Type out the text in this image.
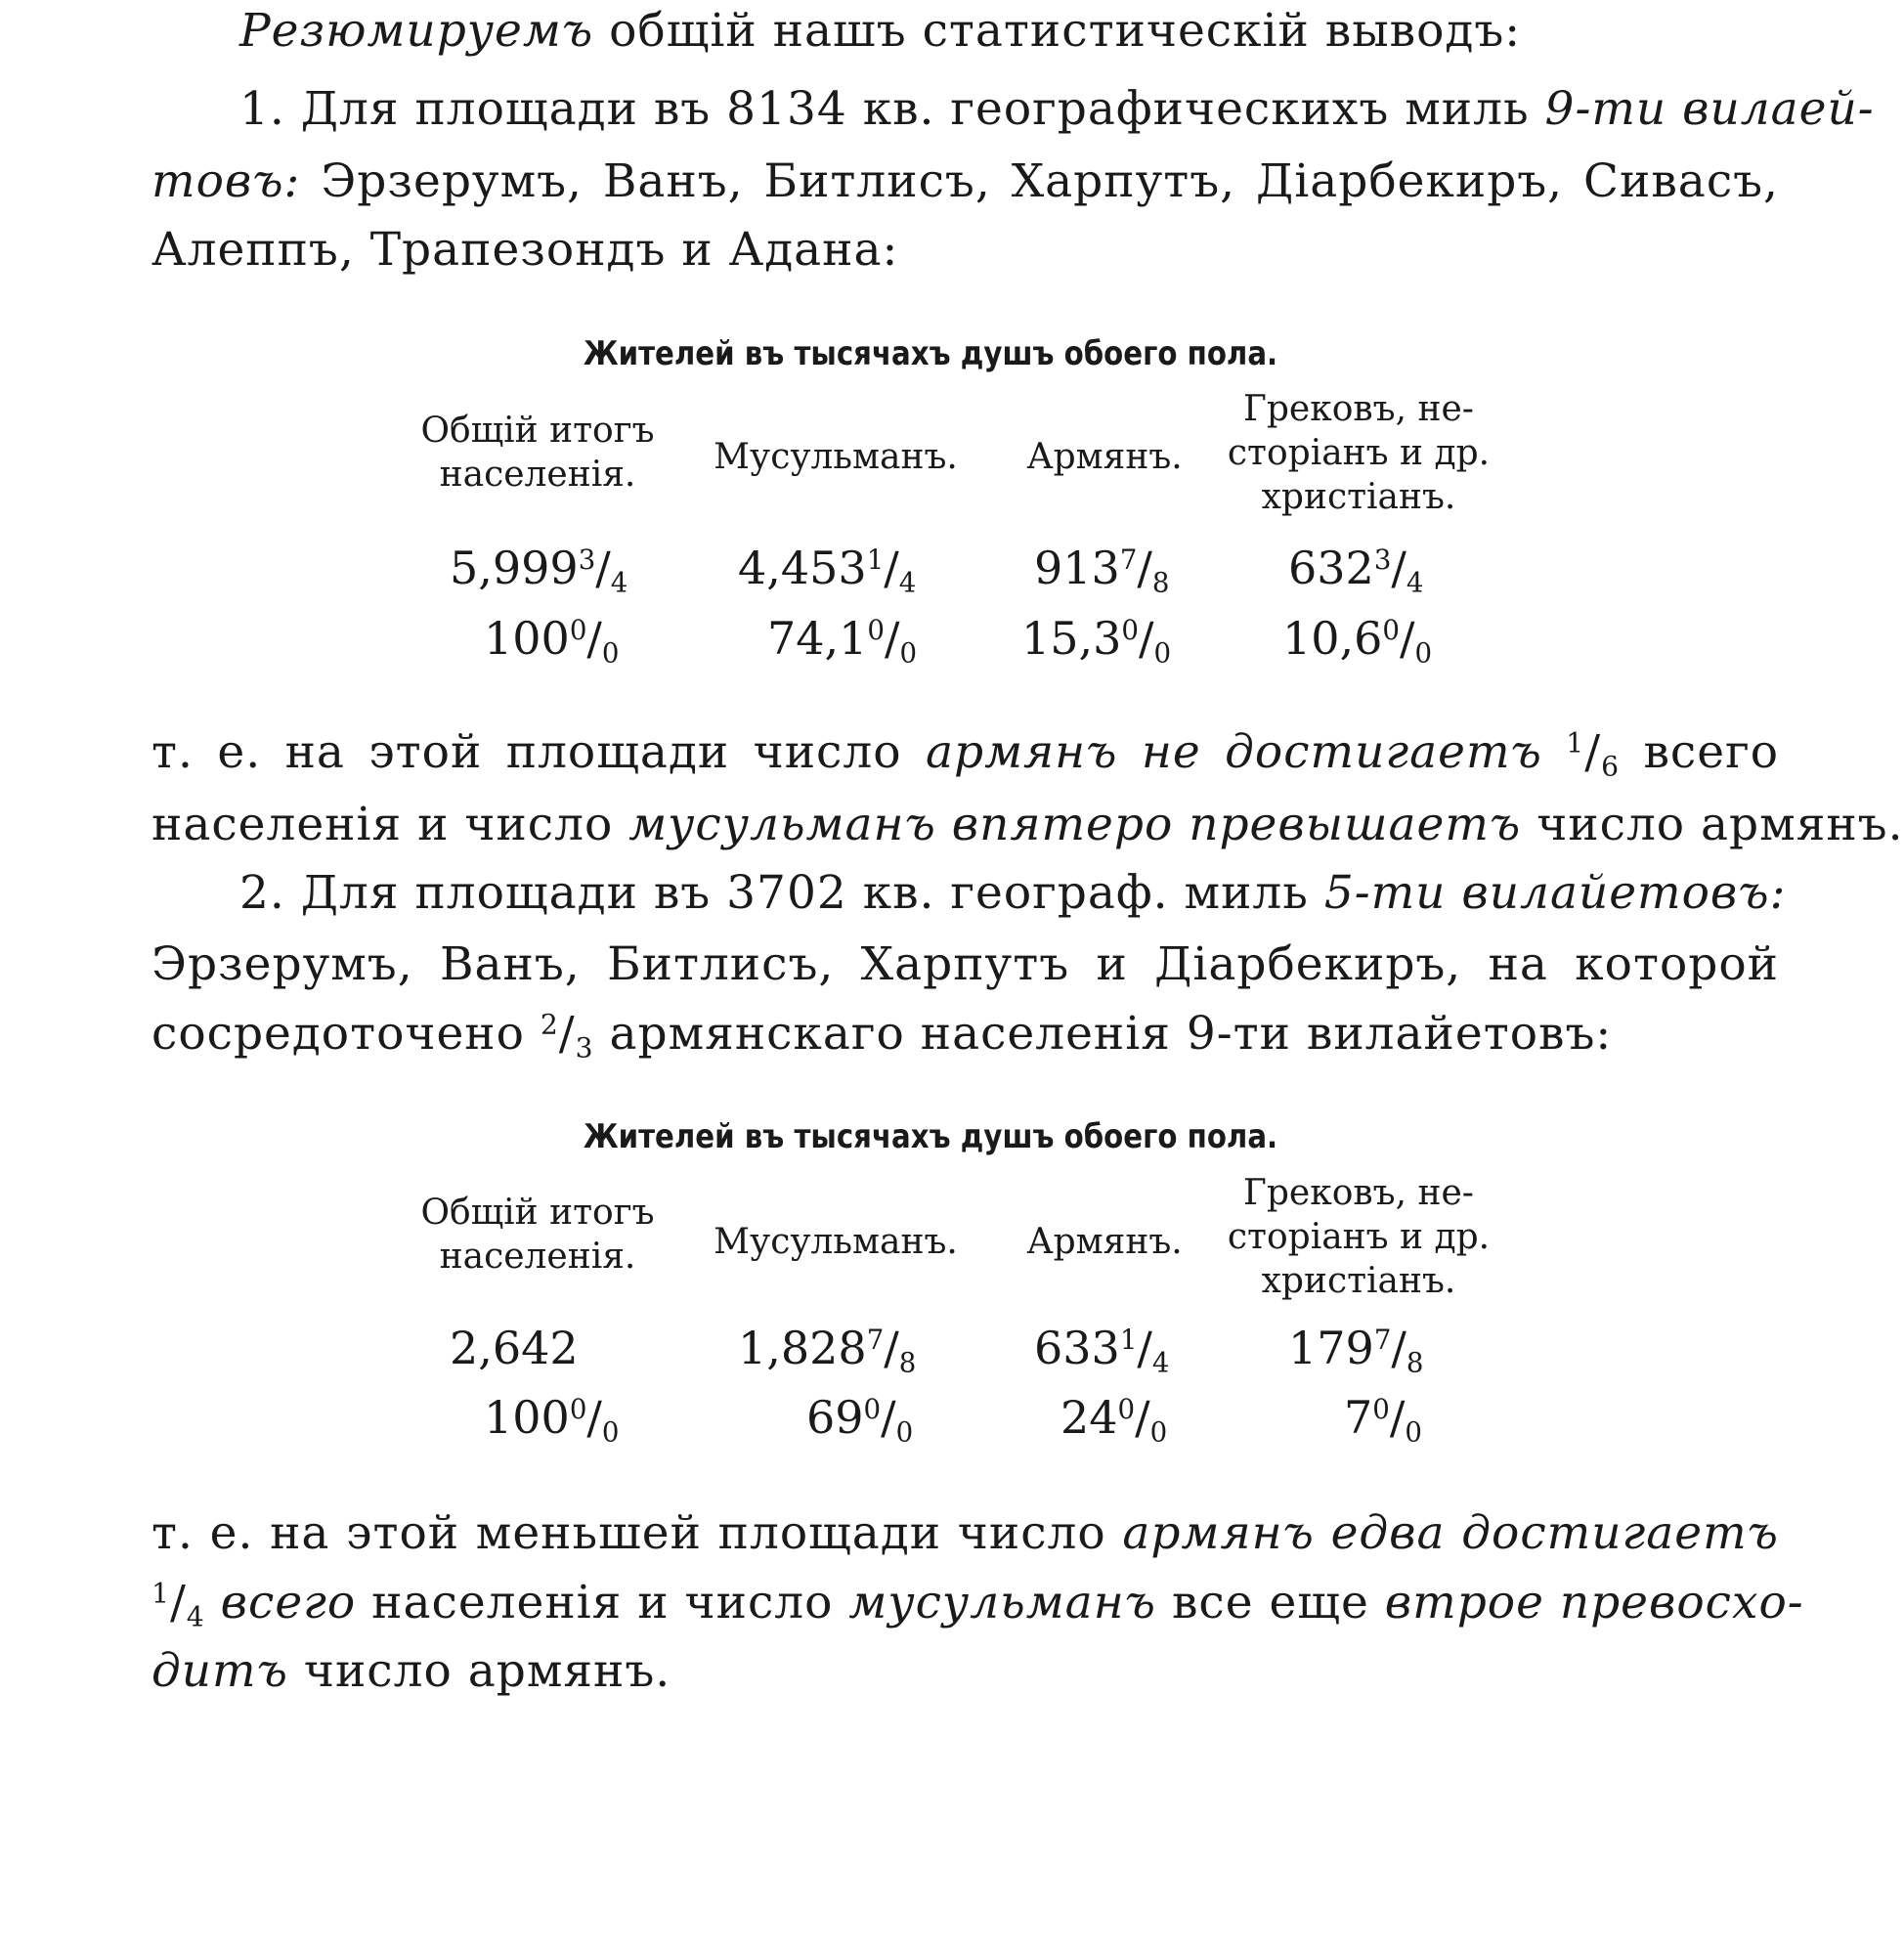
Резюмируемъ общій нашъ статистическій выводъ:
1. Для площади въ 8134 кв. географическихъ миль 9-ти вилаей-
товъ: Эрзерумъ, Ванъ, Битлисъ, Харпутъ, Діарбекиръ, Сивасъ,
Алеппъ, Трапезондъ и Адана:
Жителей въ тысячахъ душъ обоего пола.
Общій итогъ
населенія.	Мусульманъ. Армянъ.
Грековъ, не-
сторіанъ и др.
христіанъ.
$5,999^3/_4$ $4,453^1/_4$	$913^7/_8$	$632^3/_4$
$100^0/_0$	$74,1^0/_0$ $15,3^0/_0$ $10,6^0/_0$
т. е. на этой площади число армянъ не достигаетъ $^1/_6$ всего
населенія и число мусульманъ впятеро превышаетъ число армянъ.
2. Для площади въ 3702 кв. географ. миль 5-ти вилайетовъ:
Эрзерумъ, Ванъ, Битлисъ, Харпутъ и Діарбекиръ, на которой
сосредоточено $^2/_3$ армянскаго населенія 9-ти вилайетовъ:
Жителей въ тысячахъ душъ обоего пола.
Общій итогъ
населенія.	Мусульманъ. Армянъ.
Грековъ, не-
сторіанъ и др.
христіанъ.
2,642	$1,828^7/_8$	$633^1/_4$	$179^7/_8$
$100^0/_0$	$69^0/_0$	$24^0/_0$	$7^0/_0$
т. е. на этой меньшей площади число армянъ едва достигаетъ
$^1/_4$ всего населенія и число мусульманъ все еще втрое превосхо-
дитъ число армянъ.
